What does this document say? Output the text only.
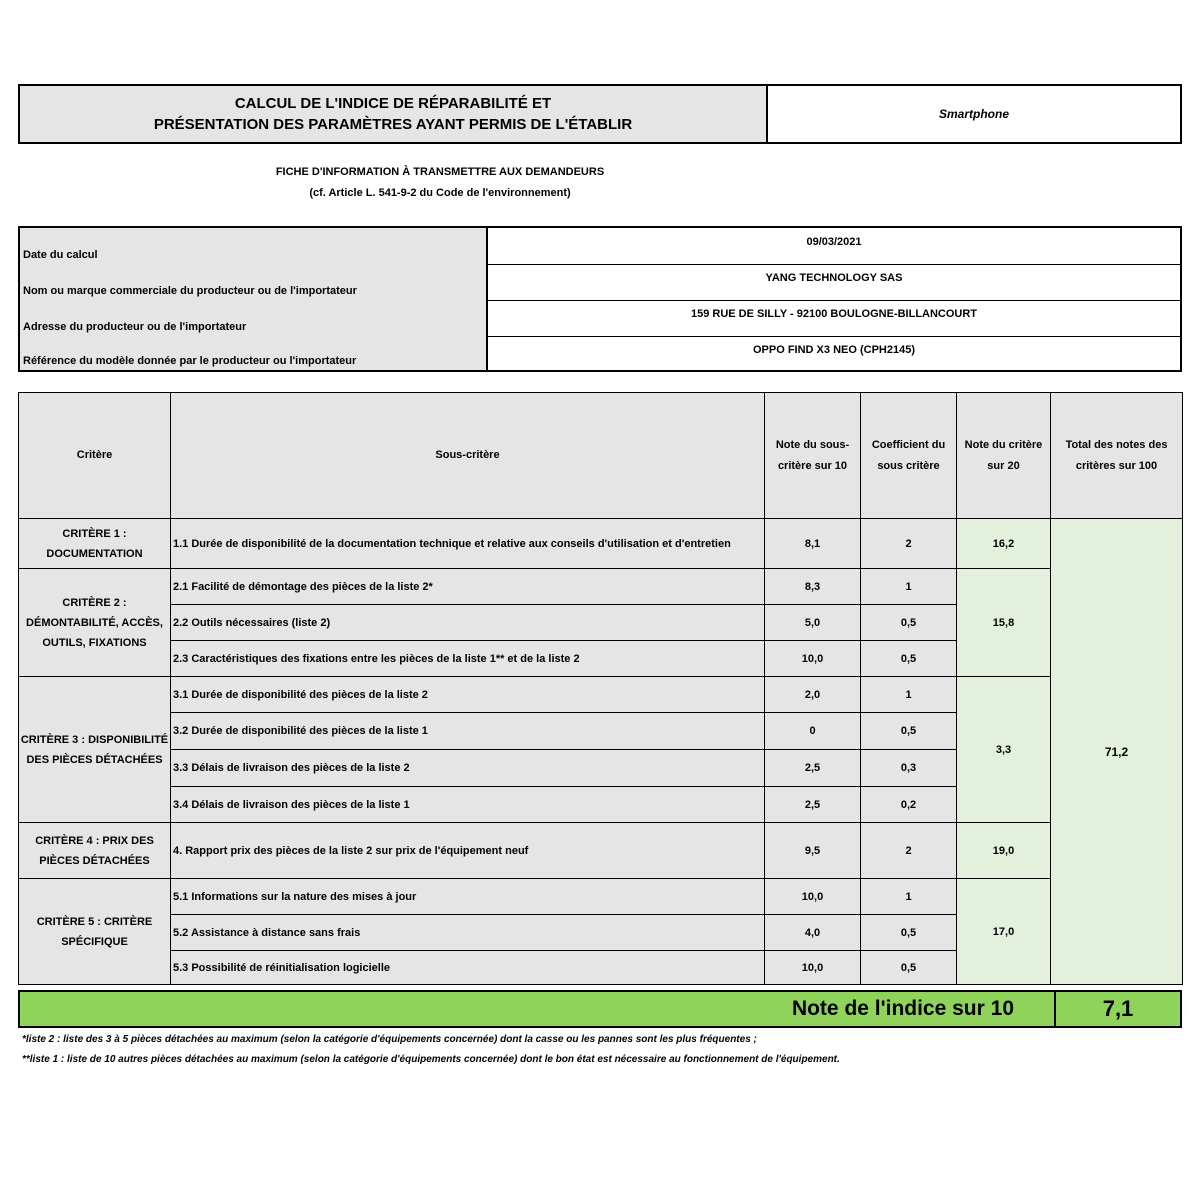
CALCUL DE L'INDICE DE RÉPARABILITÉ ET
PRÉSENTATION DES PARAMÈTRES AYANT PERMIS DE L'ÉTABLIR
Smartphone
FICHE D'INFORMATION À TRANSMETTRE AUX DEMANDEURS
(cf. Article L. 541-9-2 du Code de l'environnement)
Date du calcul
09/03/2021
Nom ou marque commerciale du producteur ou de l'importateur
YANG TECHNOLOGY SAS
Adresse du producteur ou de l'importateur
159 RUE DE SILLY - 92100 BOULOGNE-BILLANCOURT
Référence du modèle donnée par le producteur ou l'importateur
OPPO FIND X3 NEO (CPH2145)
Critère	Sous-critère	Note du sous-critère sur 10	Coefficient du sous critère	Note du critère sur 20	Total des notes des critères sur 100
CRITÈRE 1 : DOCUMENTATION	1.1 Durée de disponibilité de la documentation technique et relative aux conseils d'utilisation et d'entretien	8,1	2	16,2	71,2
CRITÈRE 2 : DÉMONTABILITÉ, ACCÈS, OUTILS, FIXATIONS	2.1 Facilité de démontage des pièces de la liste 2*	8,3	1	15,8	
	2.2 Outils nécessaires (liste 2)	5,0	0,5		
	2.3 Caractéristiques des fixations entre les pièces de la liste 1** et de la liste 2	10,0	0,5		
CRITÈRE 3 : DISPONIBILITÉ DES PIÈCES DÉTACHÉES	3.1 Durée de disponibilité des pièces de la liste 2	2,0	1	3,3	
	3.2 Durée de disponibilité des pièces de la liste 1	0	0,5		
	3.3 Délais de livraison des pièces de la liste 2	2,5	0,3		
	3.4 Délais de livraison des pièces de la liste 1	2,5	0,2		
CRITÈRE 4 : PRIX DES PIÈCES DÉTACHÉES	4. Rapport prix des pièces de la liste 2 sur prix de l'équipement neuf	9,5	2	19,0	
CRITÈRE 5 : CRITÈRE SPÉCIFIQUE	5.1 Informations sur la nature des mises à jour	10,0	1	17,0	
	5.2 Assistance à distance sans frais	4,0	0,5		
	5.3 Possibilité de réinitialisation logicielle	10,0	0,5		
Note de l'indice sur 10	7,1
*liste 2 : liste des 3 à 5 pièces détachées au maximum (selon la catégorie d'équipements concernée) dont la casse ou les pannes sont les plus fréquentes ;
**liste 1 : liste de 10 autres pièces détachées au maximum (selon la catégorie d'équipements concernée) dont le bon état est nécessaire au fonctionnement de l'équipement.
